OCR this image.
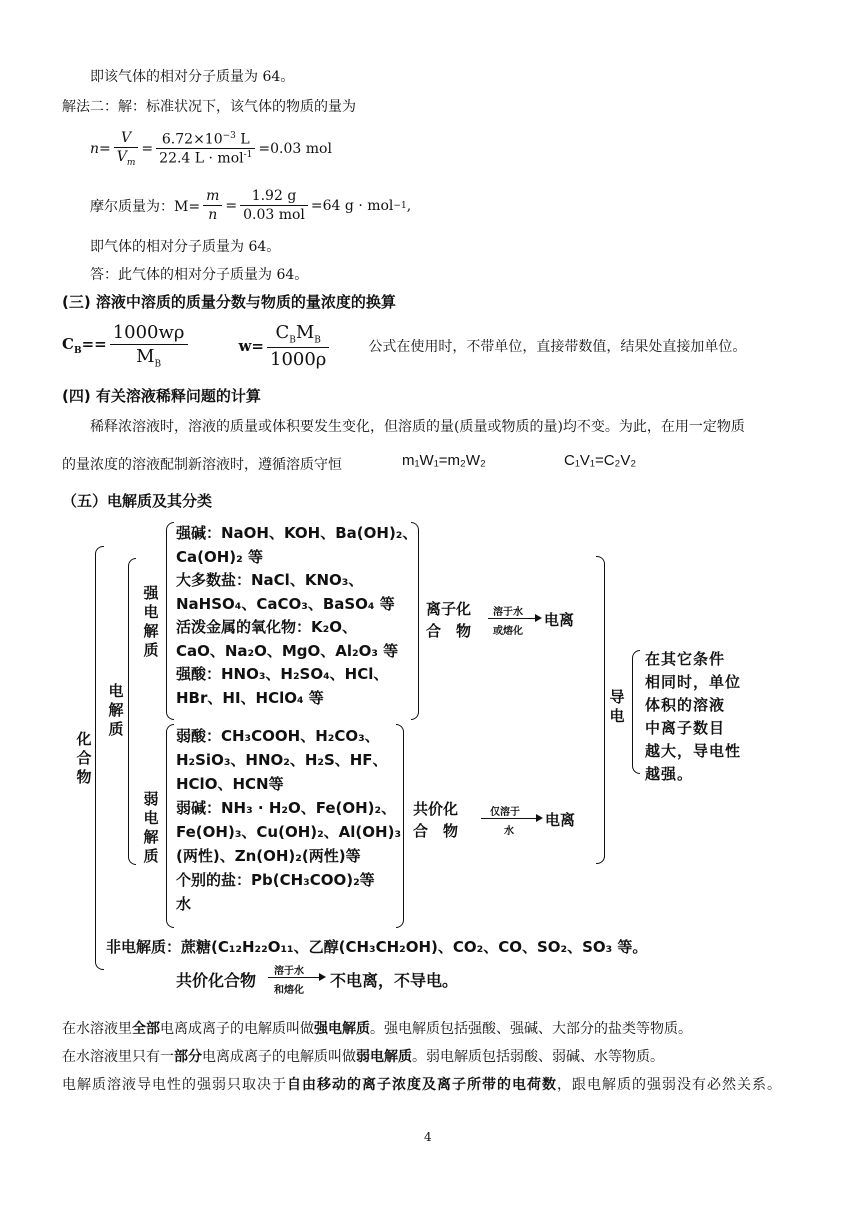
即该气体的相对分子质量为 64。
解法二：解：标准状况下，该气体的物质的量为
$n= \frac{V}{V_m} = \frac{6.72\times 10^{-3} L}{22.4 L \cdot mol^{-1}} =0.03$ mol
摩尔质量为：$M= \frac{m}{n} = \frac{1.92 g}{\text{0.03 mol}} =64$ g · mol −1 ,
即气体的相对分子质量为 64。
答：此气体的相对分子质量为 64。
(三) 溶液中溶质的质量分数与物质的量浓度的换算
$C_B== \frac{1000w\rho}{M_B}$	$w= \frac{C_BM_B}{1000\rho}$	公式在使用时，不带单位，直接带数值，结果处直接加单位。
(四) 有关溶液稀释问题的计算
稀释浓溶液时，溶液的质量或体积要发生变化，但溶质的量(质量或物质的量)均不变。为此，在用一定物质
的量浓度的溶液配制新溶液时，遵循溶质守恒	m₁W₁=m₂W₂	C₁V₁=C₂V₂
（五）电解质及其分类
化合物
电解质
强电解质
弱电解质
强碱：NaOH、KOH、Ba(OH)₂、
Ca(OH)₂ 等
大多数盐：NaCl、KNO₃、
NaHSO₄、CaCO₃、BaSO₄ 等
活泼金属的氧化物：K₂O、
CaO、Na₂O、MgO、Al₂O₃ 等
强酸：HNO₃、H₂SO₄、HCl、
HBr、HI、HClO₄ 等
弱酸：CH₃COOH、H₂CO₃、
H₂SiO₃、HNO₂、H₂S、HF、
HClO、HCN等
弱碱：NH₃ · H₂O、Fe(OH)₂、
Fe(OH)₃、Cu(OH)₂、Al(OH)₃
(两性)、Zn(OH)₂(两性)等
个别的盐：Pb(CH₃COO)₂等
水
离子化
合　物
溶于水
或熔化
电离
共价化
合　物
仅溶于
水
电离
导电
在其它条件
相同时，单位
体积的溶液
中离子数目
越大，导电性
越强。
非电解质：蔗糖(C₁₂H₂₂O₁₁、乙醇(CH₃CH₂OH)、CO₂、CO、SO₂、SO₃ 等。
共价化合物 溶于水
和熔化
不电离，不导电。
在水溶液里全部电离成离子的电解质叫做强电解质。强电解质包括强酸、强碱、大部分的盐类等物质。
在水溶液里只有一部分电离成离子的电解质叫做弱电解质。弱电解质包括弱酸、弱碱、水等物质。
电解质溶液导电性的强弱只取决于自由移动的离子浓度及离子所带的电荷数，跟电解质的强弱没有必然关系。
4
